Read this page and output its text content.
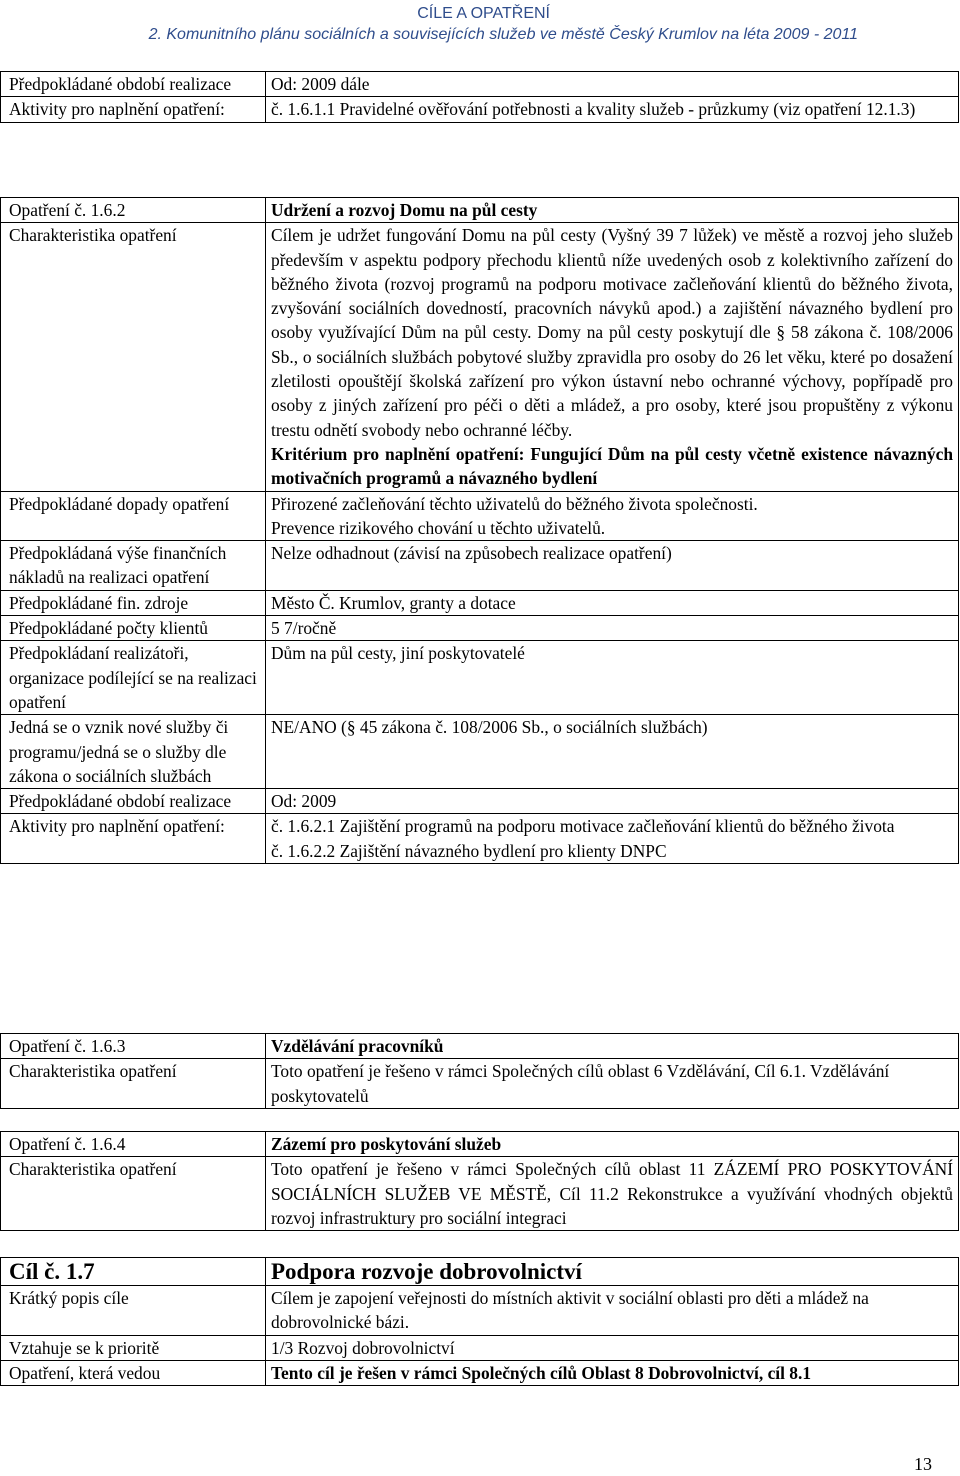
CÍLE A OPATŘENÍ
2. Komunitního plánu sociálních a souvisejících služeb ve městě Český Krumlov na léta 2009 - 2011
Předpokládané období realizace	Od: 2009 dále
Aktivity pro naplnění opatření:	č. 1.6.1.1 Pravidelné ověřování potřebnosti a kvality služeb - průzkumy (viz opatření 12.1.3)
Opatření č. 1.6.2	Udržení a rozvoj Domu na půl cesty
Charakteristika opatření	Cílem je udržet fungování Domu na půl cesty (Vyšný 39 7 lůžek) ve městě a rozvoj jeho služeb především v aspektu podpory přechodu klientů níže uvedených osob z kolektivního zařízení do běžného života (rozvoj programů na podporu motivace začleňování klientů do běžného života, zvyšování sociálních dovedností, pracovních návyků apod.) a zajištění návazného bydlení pro osoby využívající Dům na půl cesty. Domy na půl cesty poskytují dle § 58 zákona č. 108/2006 Sb., o sociálních službách pobytové služby zpravidla pro osoby do 26 let věku, které po dosažení zletilosti opouštějí školská zařízení pro výkon ústavní nebo ochranné výchovy, popřípadě pro osoby z jiných zařízení pro péči o děti a mládež, a pro osoby, které jsou propuštěny z výkonu trestu odnětí svobody nebo ochranné léčby.
Kritérium pro naplnění opatření: Fungující Dům na půl cesty včetně existence návazných motivačních programů a návazného bydlení

Předpokládané dopady opatření	Přirozené začleňování těchto uživatelů do běžného života společnosti.
Prevence rizikového chování u těchto uživatelů.

Předpokládaná výše finančních nákladů na realizaci opatření	Nelze odhadnout (závisí na způsobech realizace opatření)
Předpokládané fin. zdroje	Město Č. Krumlov, granty a dotace
Předpokládané počty klientů	5 7/ročně
Předpokládaní realizátoři, organizace podílející se na realizaci opatření	Dům na půl cesty, jiní poskytovatelé
Jedná se o vznik nové služby či programu/jedná se o služby dle zákona o sociálních službách	NE/ANO (§ 45 zákona č. 108/2006 Sb., o sociálních službách)
Předpokládané období realizace	Od: 2009
Aktivity pro naplnění opatření:	č. 1.6.2.1 Zajištění programů na podporu motivace začleňování klientů do běžného života
č. 1.6.2.2 Zajištění návazného bydlení pro klienty DNPC
Opatření č. 1.6.3	Vzdělávání pracovníků
Charakteristika opatření	Toto opatření je řešeno v rámci Společných cílů oblast 6 Vzdělávání, Cíl 6.1. Vzdělávání poskytovatelů
Opatření č. 1.6.4	Zázemí pro poskytování služeb
Charakteristika opatření	Toto opatření je řešeno v rámci Společných cílů oblast 11 ZÁZEMÍ PRO POSKYTOVÁNÍ SOCIÁLNÍCH SLUŽEB VE MĚSTĚ, Cíl 11.2 Rekonstrukce a využívání vhodných objektů rozvoj infrastruktury pro sociální integraci
Cíl č. 1.7	Podpora rozvoje dobrovolnictví
Krátký popis cíle	Cílem je zapojení veřejnosti do místních aktivit v sociální oblasti pro děti a mládež na dobrovolnické bázi.
Vztahuje se k prioritě	1/3 Rozvoj dobrovolnictví
Opatření, která vedou	Tento cíl je řešen v rámci Společných cílů Oblast 8 Dobrovolnictví, cíl 8.1
13
